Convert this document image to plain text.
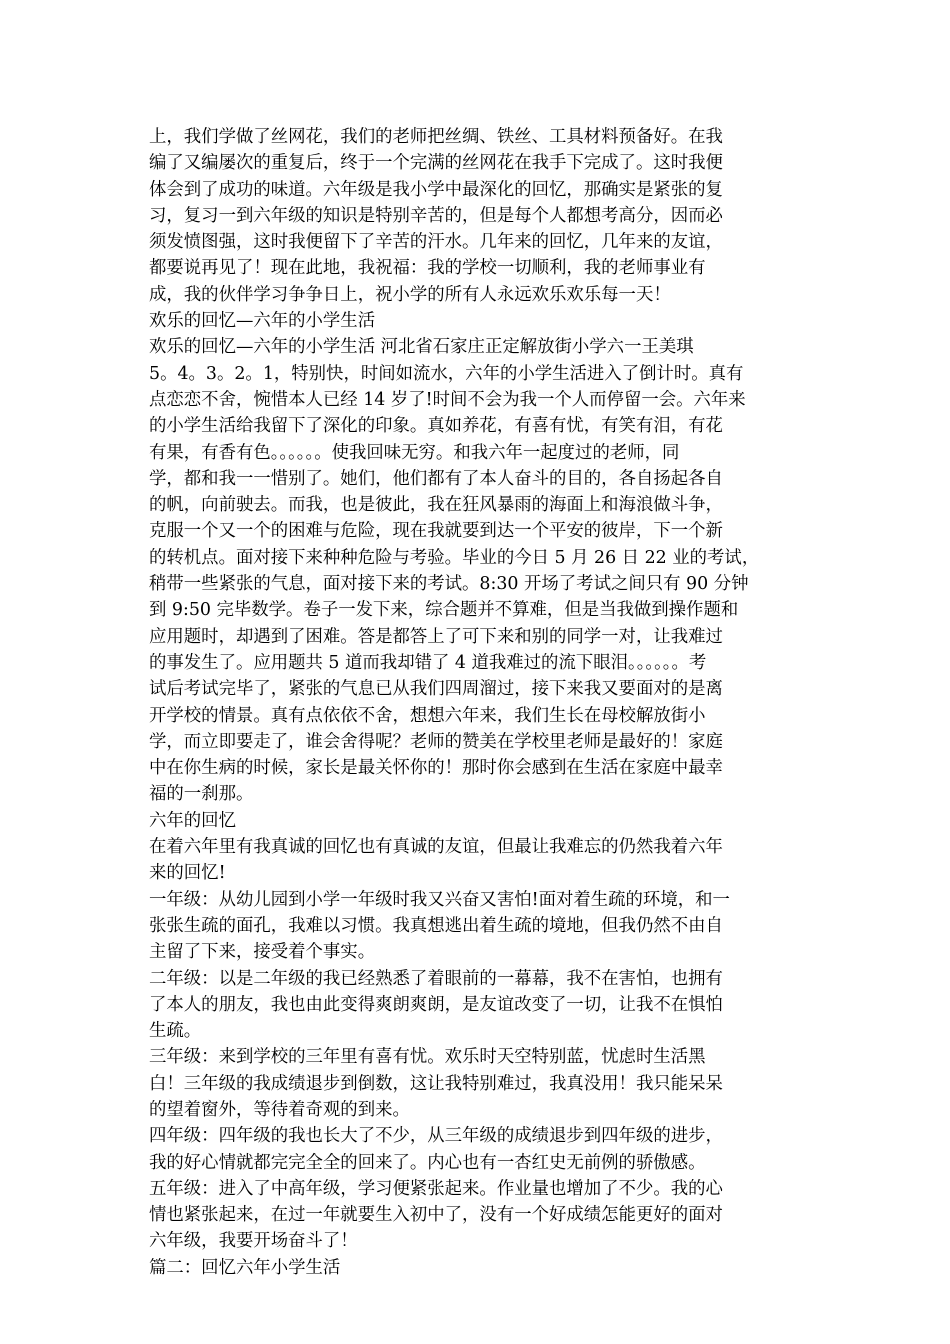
上，我们学做了丝网花，我们的老师把丝绸、铁丝、工具材料预备好。在我
编了又编屡次的重复后，终于一个完满的丝网花在我手下完成了。这时我便
体会到了成功的味道。六年级是我小学中最深化的回忆，那确实是紧张的复
习，复习一到六年级的知识是特别辛苦的，但是每个人都想考高分，因而必
须发愤图强，这时我便留下了辛苦的汗水。几年来的回忆，几年来的友谊，
都要说再见了！现在此地，我祝福：我的学校一切顺利，我的老师事业有
成，我的伙伴学习争争日上，祝小学的所有人永远欢乐欢乐每一天！
欢乐的回忆—六年的小学生活
欢乐的回忆—六年的小学生活 河北省石家庄正定解放街小学六一王美琪
5。4。3。2。1，特别快，时间如流水，六年的小学生活进入了倒计时。真有
点恋恋不舍，惋惜本人已经 14 岁了!时间不会为我一个人而停留一会。六年来
的小学生活给我留下了深化的印象。真如养花，有喜有忧，有笑有泪，有花
有果，有香有色。。。。。。使我回味无穷。和我六年一起度过的老师，同
学，都和我一一惜别了。她们，他们都有了本人奋斗的目的，各自扬起各自
的帆，向前驶去。而我，也是彼此，我在狂风暴雨的海面上和海浪做斗争，
克服一个又一个的困难与危险，现在我就要到达一个平安的彼岸，下一个新
的转机点。面对接下来种种危险与考验。毕业的今日 5 月 26 日 22 业的考试，
稍带一些紧张的气息，面对接下来的考试。8:30 开场了考试之间只有 90 分钟
到 9:50 完毕数学。卷子一发下来，综合题并不算难，但是当我做到操作题和
应用题时，却遇到了困难。答是都答上了可下来和别的同学一对，让我难过
的事发生了。应用题共 5 道而我却错了 4 道我难过的流下眼泪。。。。。。考
试后考试完毕了，紧张的气息已从我们四周溜过，接下来我又要面对的是离
开学校的情景。真有点依依不舍，想想六年来，我们生长在母校解放街小
学，而立即要走了，谁会舍得呢？老师的赞美在学校里老师是最好的！家庭
中在你生病的时候，家长是最关怀你的！那时你会感到在生活在家庭中最幸
福的一刹那。
六年的回忆
在着六年里有我真诚的回忆也有真诚的友谊，但最让我难忘的仍然我着六年
来的回忆!
一年级：从幼儿园到小学一年级时我又兴奋又害怕!面对着生疏的环境，和一
张张生疏的面孔，我难以习惯。我真想逃出着生疏的境地，但我仍然不由自
主留了下来，接受着个事实。
二年级：以是二年级的我已经熟悉了着眼前的一幕幕，我不在害怕，也拥有
了本人的朋友，我也由此变得爽朗爽朗，是友谊改变了一切，让我不在惧怕
生疏。
三年级：来到学校的三年里有喜有忧。欢乐时天空特别蓝，忧虑时生活黑
白！三年级的我成绩退步到倒数，这让我特别难过，我真没用！我只能呆呆
的望着窗外，等待着奇观的到来。
四年级：四年级的我也长大了不少，从三年级的成绩退步到四年级的进步，
我的好心情就都完完全全的回来了。内心也有一杏红史无前例的骄傲感。
五年级：进入了中高年级，学习便紧张起来。作业量也增加了不少。我的心
情也紧张起来，在过一年就要生入初中了，没有一个好成绩怎能更好的面对
六年级，我要开场奋斗了！
篇二：回忆六年小学生活
